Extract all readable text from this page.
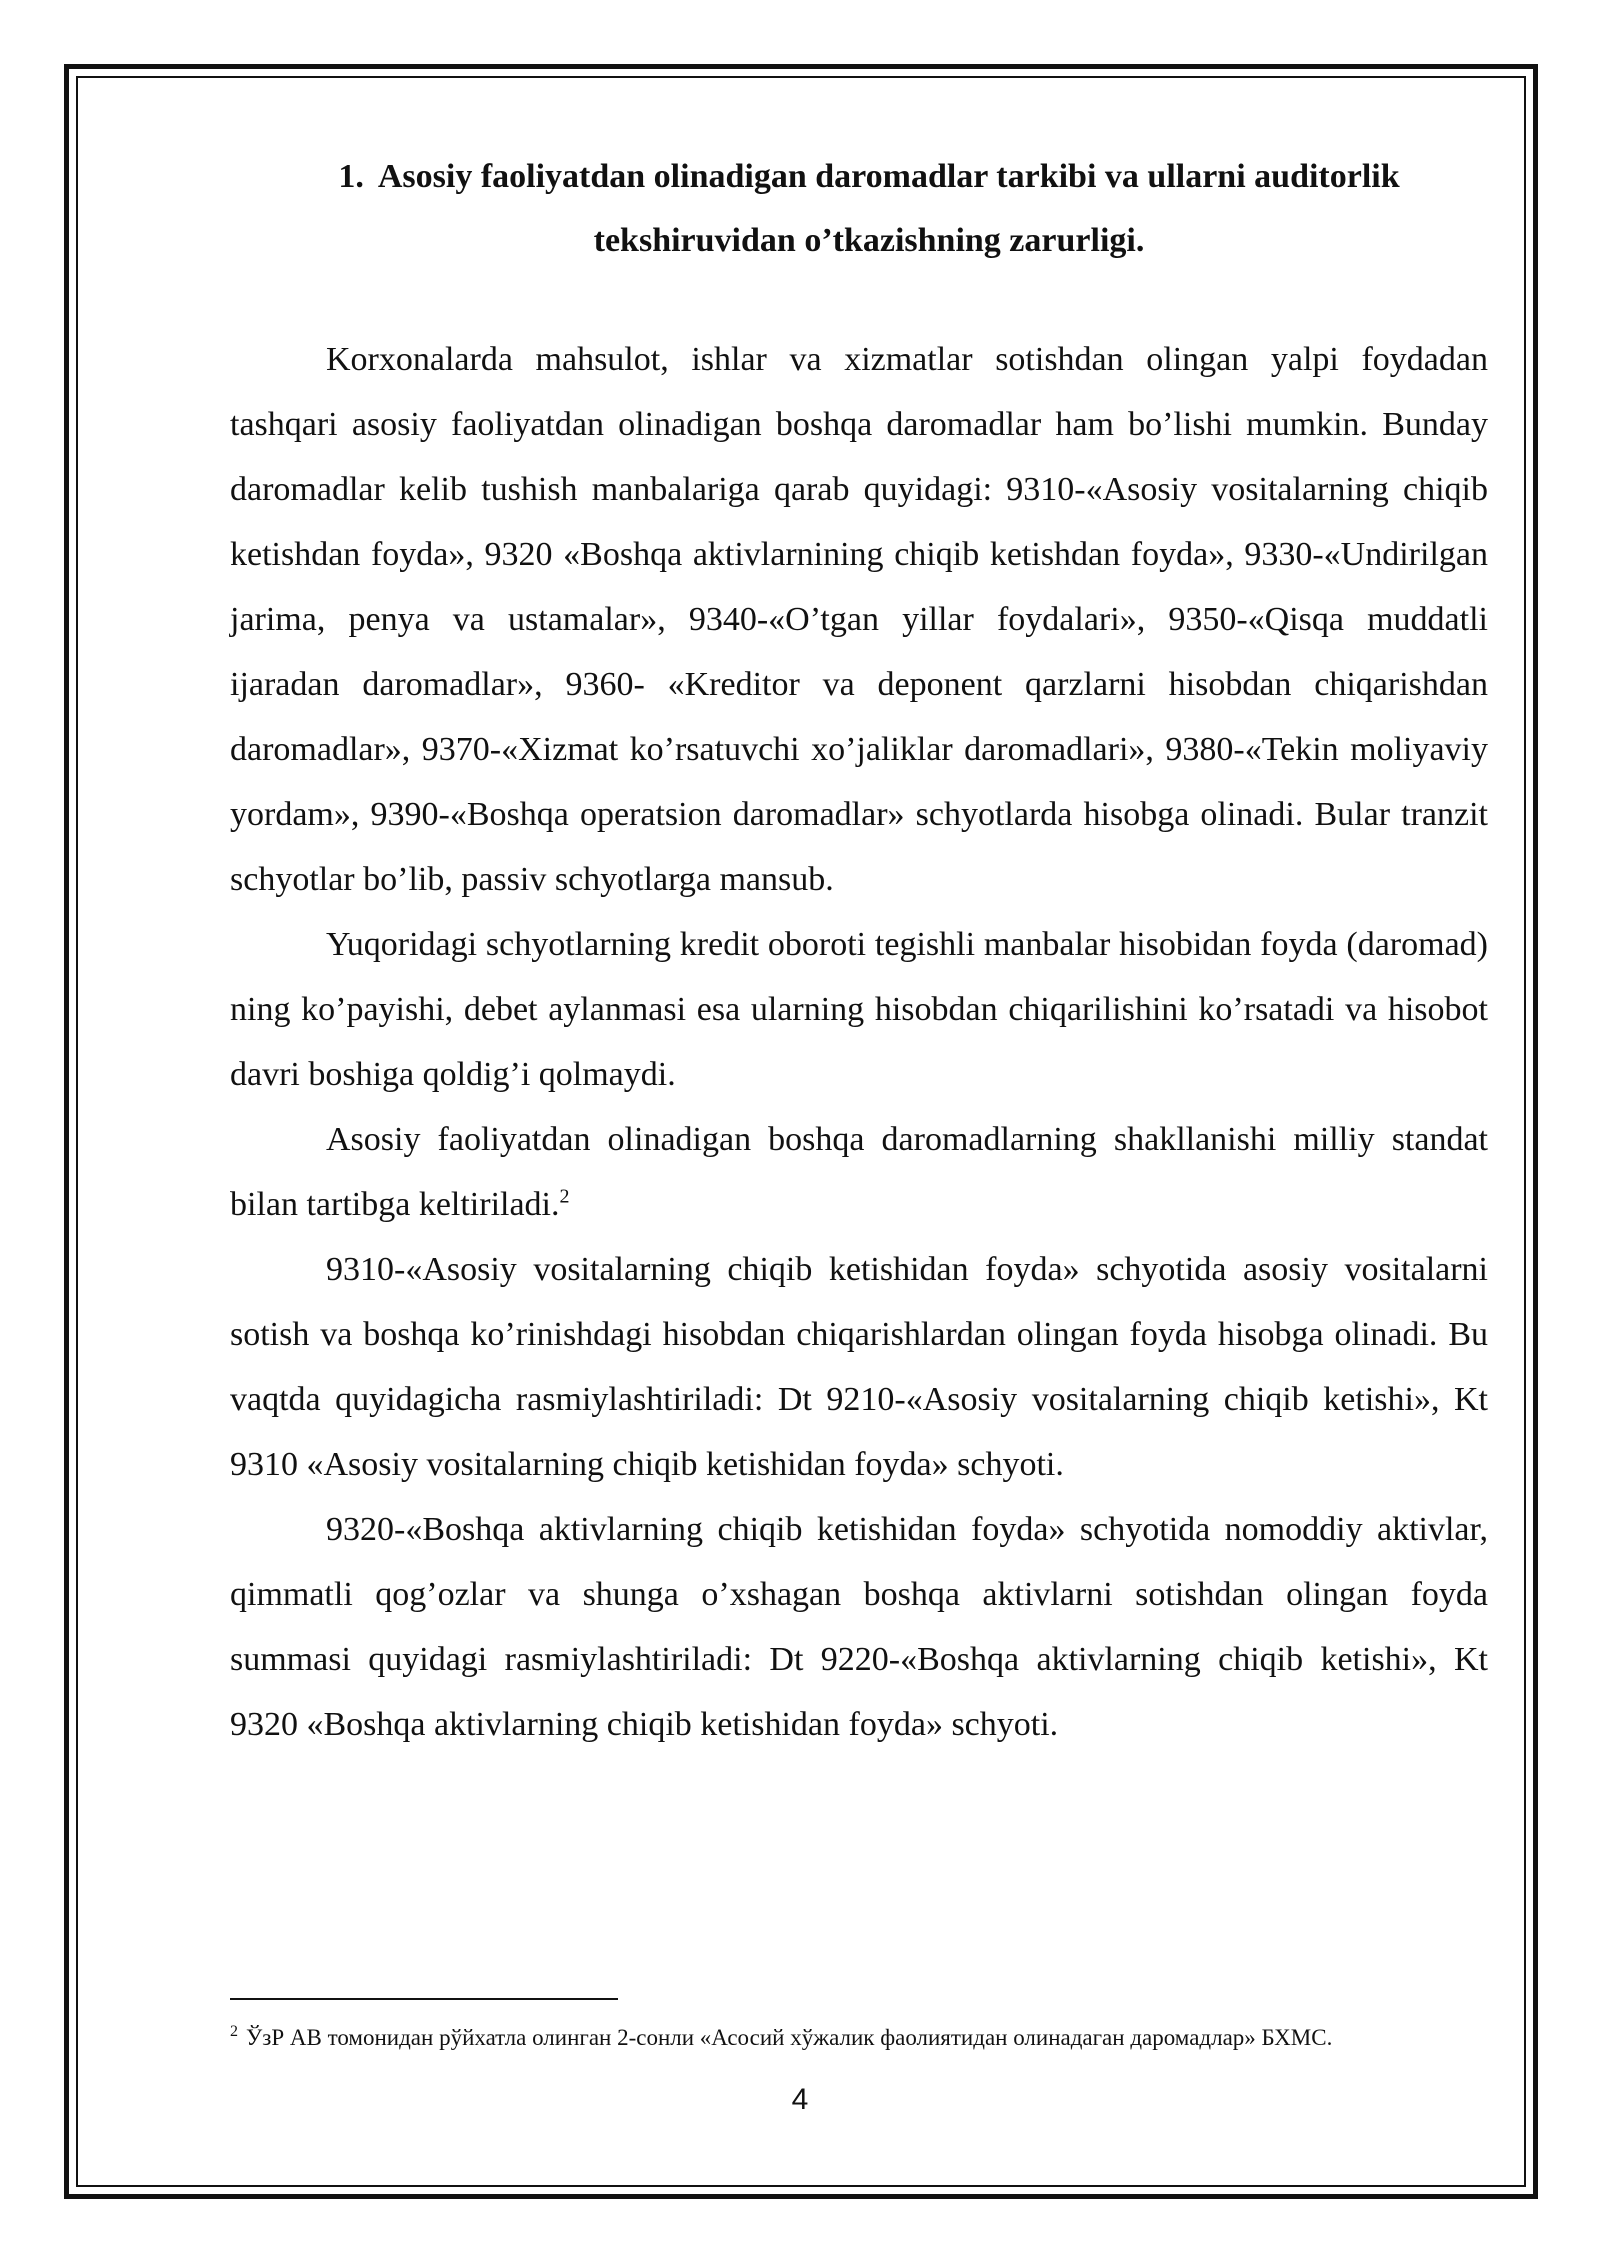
1. Asosiy faoliyatdan olinadigan daromadlar tarkibi va ullarni auditorlik tekshiruvidan o’tkazishning zarurligi.

Korxonalarda mahsulot, ishlar va xizmatlar sotishdan olingan yalpi foydadan tashqari asosiy faoliyatdan olinadigan boshqa daromadlar ham bo’lishi mumkin. Bunday daromadlar kelib tushish manbalariga qarab quyidagi: 9310-«Asosiy vositalarning chiqib ketishdan foyda», 9320 «Boshqa aktivlarnining chiqib ketishdan foyda», 9330-«Undirilgan jarima, penya va ustamalar», 9340-«O’tgan yillar foydalari», 9350-«Qisqa muddatli ijaradan daromadlar», 9360- «Kreditor va deponent qarzlarni hisobdan chiqarishdan daromadlar», 9370-«Xizmat ko’rsatuvchi xo’jaliklar daromadlari», 9380-«Tekin moliyaviy yordam», 9390-«Boshqa operatsion daromadlar» schyotlarda hisobga olinadi. Bular tranzit schyotlar bo’lib, passiv schyotlarga mansub.

Yuqoridagi schyotlarning kredit oboroti tegishli manbalar hisobidan foyda (daromad) ning ko’payishi, debet aylanmasi esa ularning hisobdan chiqarilishini ko’rsatadi va hisobot davri boshiga qoldig’i qolmaydi.

Asosiy faoliyatdan olinadigan boshqa daromadlarning shakllanishi milliy standat bilan tartibga keltiriladi.$^2$

9310-«Asosiy vositalarning chiqib ketishidan foyda» schyotida asosiy vositalarni sotish va boshqa ko’rinishdagi hisobdan chiqarishlardan olingan foyda hisobga olinadi. Bu vaqtda quyidagicha rasmiylashtiriladi: Dt 9210-«Asosiy vositalarning chiqib ketishi», Kt 9310 «Asosiy vositalarning chiqib ketishidan foyda» schyoti.

9320-«Boshqa aktivlarning chiqib ketishidan foyda» schyotida nomoddiy aktivlar, qimmatli qog’ozlar va shunga o’xshagan boshqa aktivlarni sotishdan olingan foyda summasi quyidagi rasmiylashtiriladi: Dt 9220-«Boshqa aktivlarning chiqib ketishi», Kt 9320 «Boshqa aktivlarning chiqib ketishidan foyda» schyoti.

$^2$ ЎзР АВ томонидан рўйхатла олинган 2-сонли «Асосий хўжалик фаолиятидан олинадаган даромадлар» БХМС.
4
